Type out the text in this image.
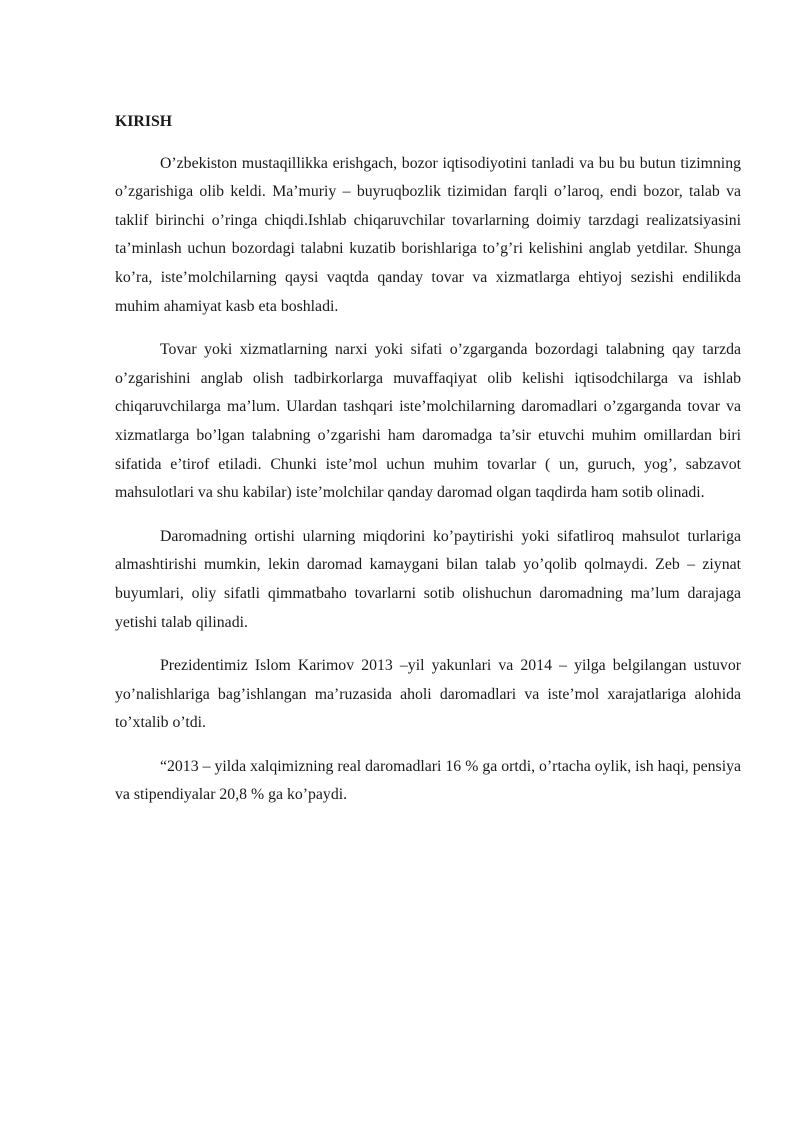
KIRISH

O’zbekiston mustaqillikka erishgach, bozor iqtisodiyotini tanladi va bu bu butun tizimning o’zgarishiga olib keldi. Ma’muriy – buyruqbozlik tizimidan farqli o’laroq, endi bozor, talab va taklif birinchi o’ringa chiqdi.Ishlab chiqaruvchilar tovarlarning doimiy tarzdagi realizatsiyasini ta’minlash uchun bozordagi talabni kuzatib borishlariga to’g’ri kelishini anglab yetdilar. Shunga ko’ra, iste’molchilarning qaysi vaqtda qanday tovar va xizmatlarga ehtiyoj sezishi endilikda muhim ahamiyat kasb eta boshladi.

Tovar yoki xizmatlarning narxi yoki sifati o’zgarganda bozordagi talabning qay tarzda o’zgarishini anglab olish tadbirkorlarga muvaffaqiyat olib kelishi iqtisodchilarga va ishlab chiqaruvchilarga ma’lum. Ulardan tashqari iste’molchilarning daromadlari o’zgarganda tovar va xizmatlarga bo’lgan talabning o’zgarishi ham daromadga ta’sir etuvchi muhim omillardan biri sifatida e’tirof etiladi. Chunki iste’mol uchun muhim tovarlar ( un, guruch, yog’, sabzavot mahsulotlari va shu kabilar) iste’molchilar qanday daromad olgan taqdirda ham sotib olinadi.

Daromadning ortishi ularning miqdorini ko’paytirishi yoki sifatliroq mahsulot turlariga almashtirishi mumkin, lekin daromad kamaygani bilan talab yo’qolib qolmaydi. Zeb – ziynat buyumlari, oliy sifatli qimmatbaho tovarlarni sotib olishuchun daromadning ma’lum darajaga yetishi talab qilinadi.

Prezidentimiz Islom Karimov 2013 –yil yakunlari va 2014 – yilga belgilangan ustuvor yo’nalishlariga bag’ishlangan ma’ruzasida aholi daromadlari va iste’mol xarajatlariga alohida to’xtalib o’tdi.

“2013 – yilda xalqimizning real daromadlari 16 % ga ortdi, o’rtacha oylik, ish haqi, pensiya va stipendiyalar 20,8 % ga ko’paydi.
